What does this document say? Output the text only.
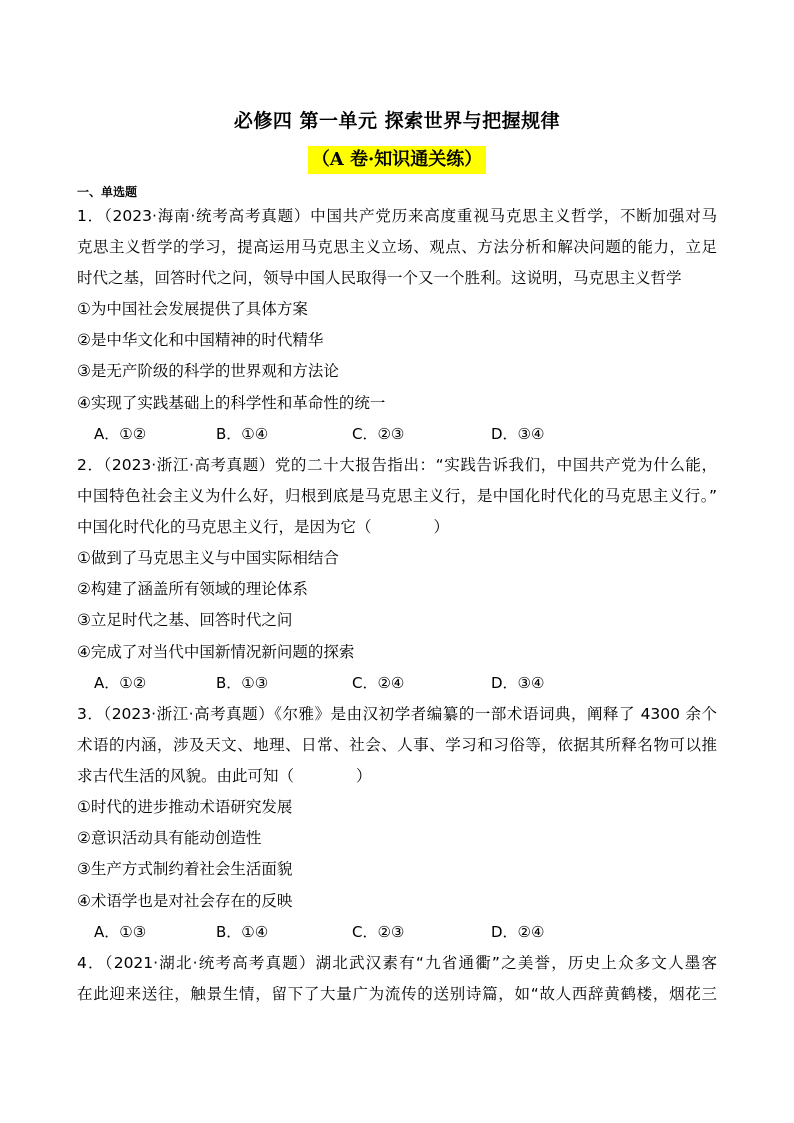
必修四 第一单元 探索世界与把握规律
（A 卷·知识通关练）
一、单选题
1．（2023·海南·统考高考真题）中国共产党历来高度重视马克思主义哲学，不断加强对马
克思主义哲学的学习，提高运用马克思主义立场、观点、方法分析和解决问题的能力，立足
时代之基，回答时代之问，领导中国人民取得一个又一个胜利。这说明，马克思主义哲学
①为中国社会发展提供了具体方案
②是中华文化和中国精神的时代精华
③是无产阶级的科学的世界观和方法论
④实现了实践基础上的科学性和革命性的统一
A．①②	B．①④	C．②③	D．③④
2．（2023·浙江·高考真题）党的二十大报告指出：“实践告诉我们，中国共产党为什么能，
中国特色社会主义为什么好，归根到底是马克思主义行，是中国化时代化的马克思主义行。”
中国化时代化的马克思主义行，是因为它（　　　　）
①做到了马克思主义与中国实际相结合
②构建了涵盖所有领域的理论体系
③立足时代之基、回答时代之问
④完成了对当代中国新情况新问题的探索
A．①②	B．①③	C．②④	D．③④
3．（2023·浙江·高考真题）《尔雅》是由汉初学者编纂的一部术语词典，阐释了 4300 余个
术语的内涵，涉及天文、地理、日常、社会、人事、学习和习俗等，依据其所释名物可以推
求古代生活的风貌。由此可知（　　　　）
①时代的进步推动术语研究发展
②意识活动具有能动创造性
③生产方式制约着社会生活面貌
④术语学也是对社会存在的反映
A．①③	B．①④	C．②③	D．②④
4．（2021·湖北·统考高考真题）湖北武汉素有“九省通衢”之美誉，历史上众多文人墨客
在此迎来送往，触景生情，留下了大量广为流传的送别诗篇，如“故人西辞黄鹤楼，烟花三
